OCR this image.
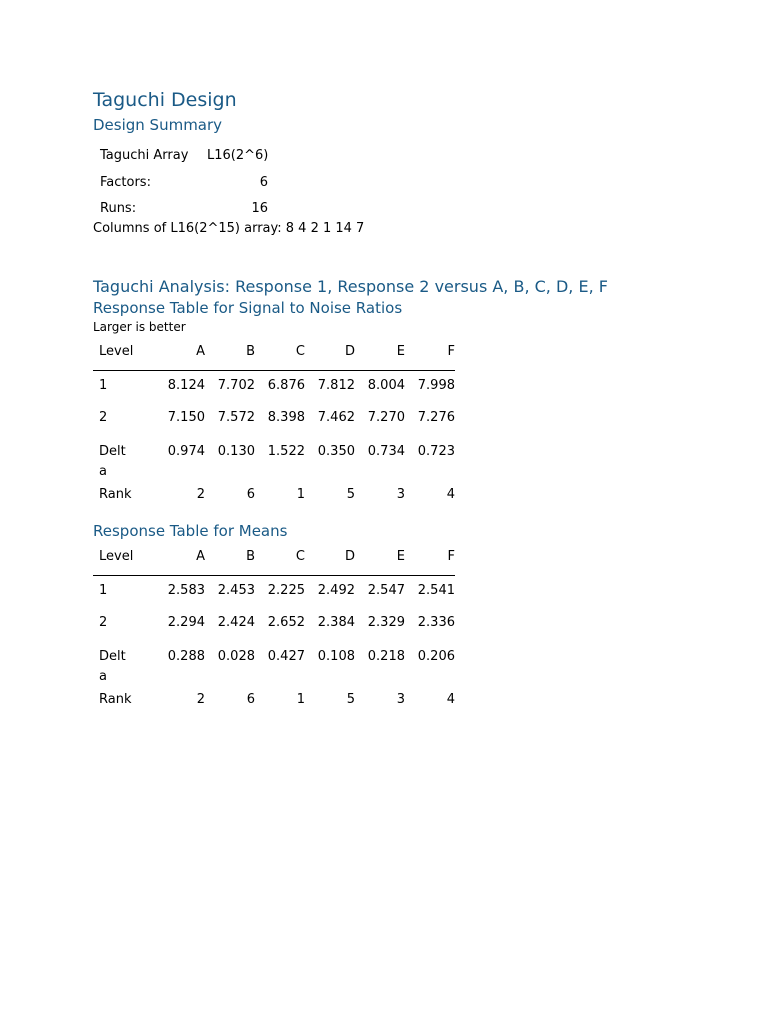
Taguchi Design
Design Summary
Taguchi Array L16(2^6)
Factors:	6
Runs:	16
Columns of L16(2^15) array: 8 4 2 1 14 7
Taguchi Analysis: Response 1, Response 2 versus A, B, C, D, E, F
Response Table for Signal to Noise Ratios
Larger is better
Level	A	B	C	D	E	F
1	8.124	7.702	6.876	7.812	8.004	7.998
2	7.150	7.572	8.398	7.462	7.270	7.276
Delta	0.974	0.130	1.522	0.350	0.734	0.723
Rank	2	6	1	5	3	4
Response Table for Means
Level	A	B	C	D	E	F
1	2.583	2.453	2.225	2.492	2.547	2.541
2	2.294	2.424	2.652	2.384	2.329	2.336
Delta	0.288	0.028	0.427	0.108	0.218	0.206
Rank	2	6	1	5	3	4
